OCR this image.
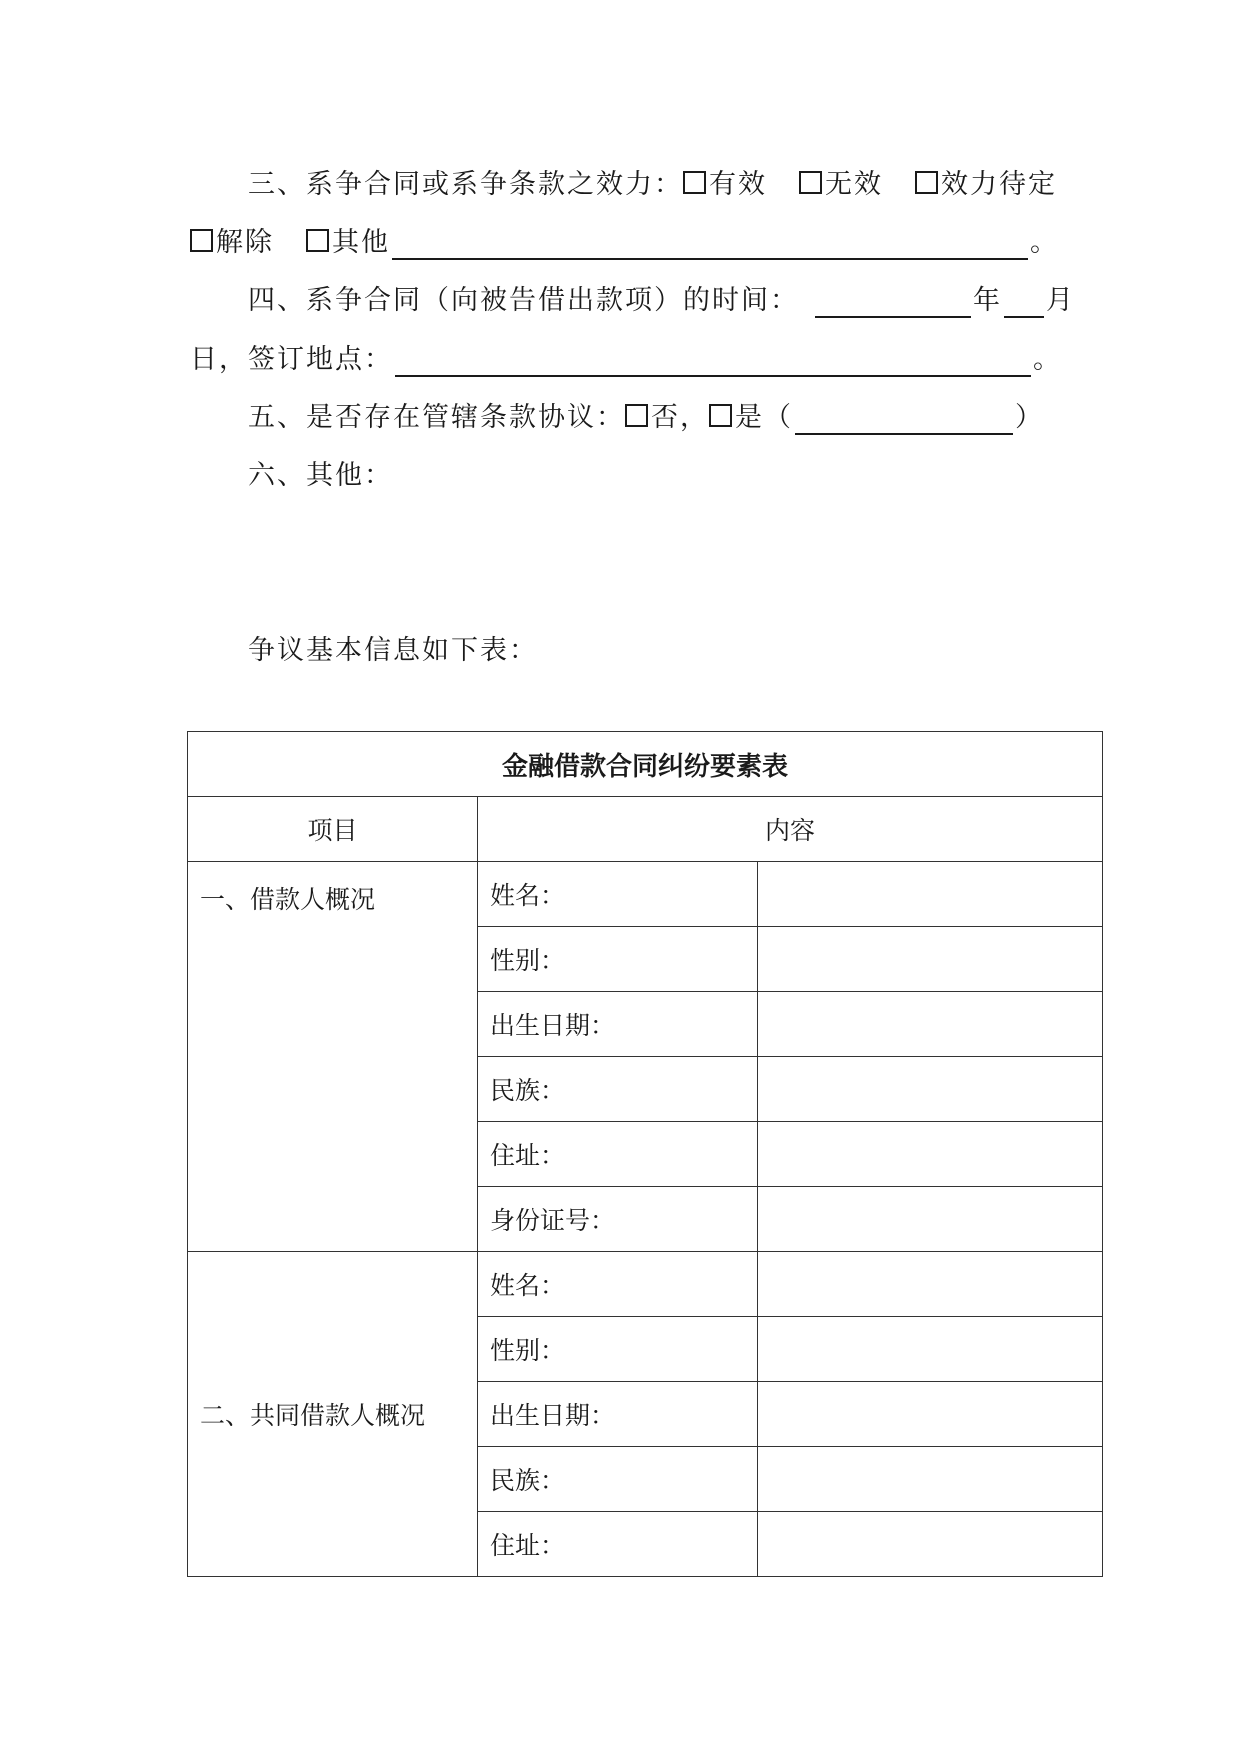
三、系争合同或系争条款之效力： 有效 无效 效力待定
解除 其他	。
四、系争合同（向被告借出款项）的时间：	年 月
日，签订地点：	。
五、是否存在管辖条款协议： 否， 是（	）
六、其他：
争议基本信息如下表：
金融借款合同纠纷要素表		
项目	内容	
一、借款人概况	姓名：	
	性别：	
	出生日期：	
	民族：	
	住址：	
	身份证号：	
二、共同借款人概况	姓名：	
	性别：	
	出生日期：	
	民族：	
	住址：	
